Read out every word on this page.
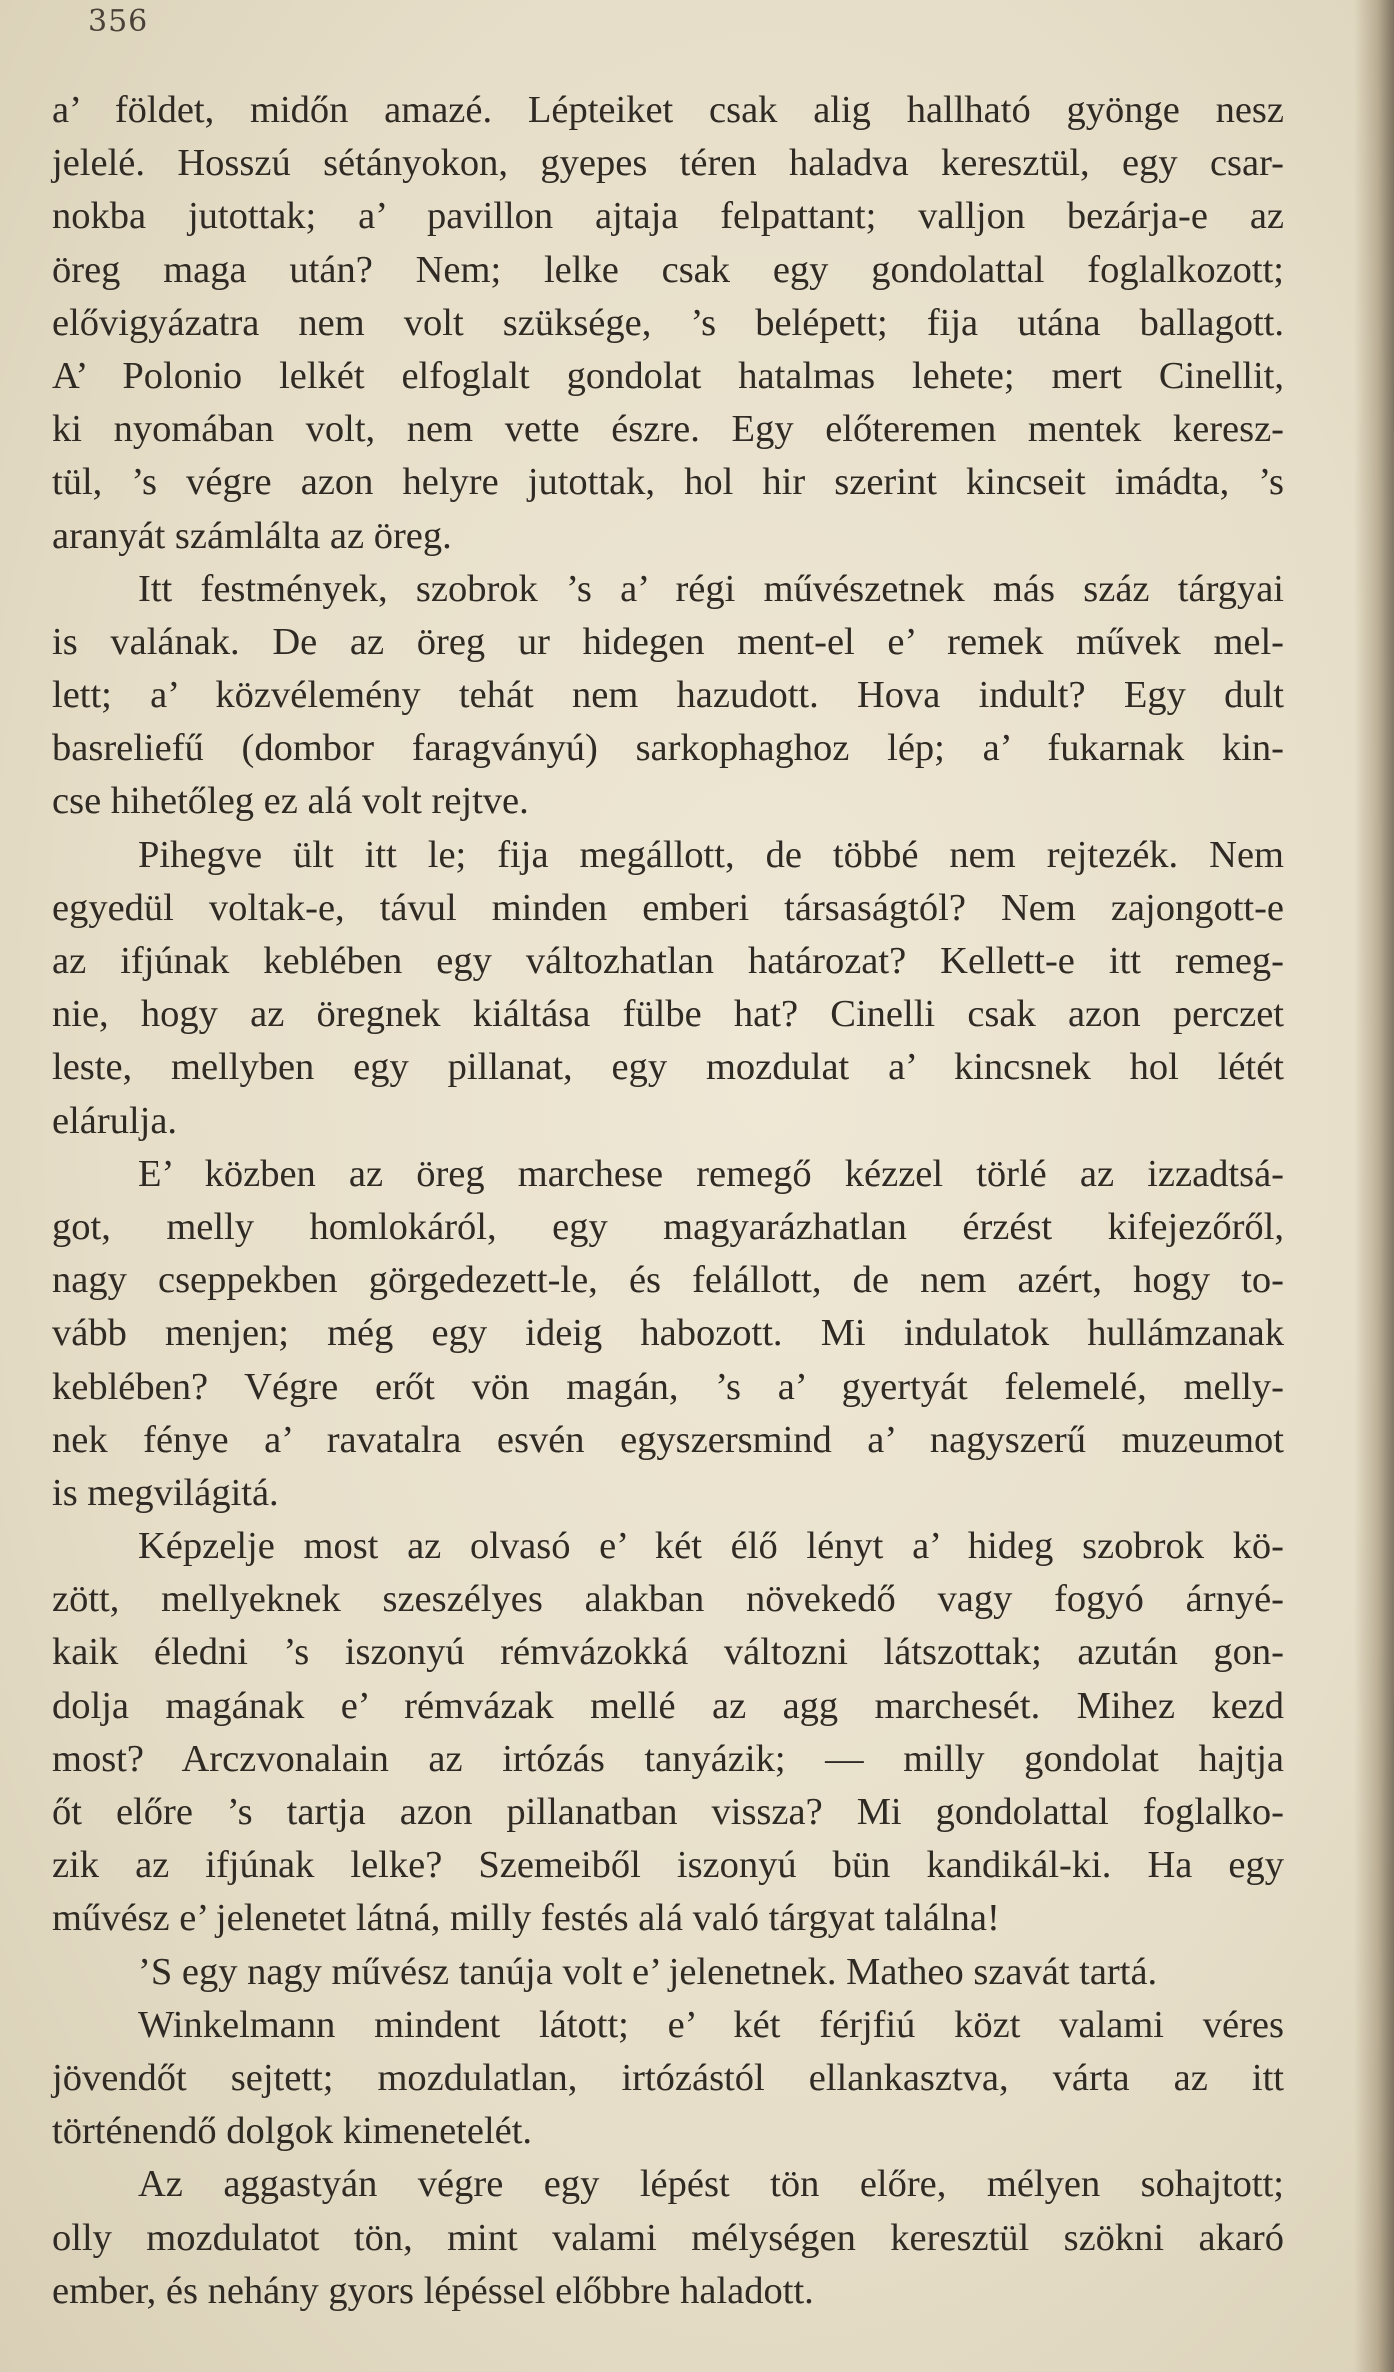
356
a’ földet, midőn amazé. Lépteiket csak alig hallható gyönge nesz
jelelé. Hosszú sétányokon, gyepes téren haladva keresztül, egy csar-
nokba jutottak; a’ pavillon ajtaja felpattant; valljon bezárja-e az
öreg maga után? Nem; lelke csak egy gondolattal foglalkozott;
elővigyázatra nem volt szüksége, ’s belépett; fija utána ballagott.
A’ Polonio lelkét elfoglalt gondolat hatalmas lehete; mert Cinellit,
ki nyomában volt, nem vette észre. Egy előteremen mentek keresz-
tül, ’s végre azon helyre jutottak, hol hir szerint kincseit imádta, ’s
aranyát számlálta az öreg.
Itt festmények, szobrok ’s a’ régi művészetnek más száz tárgyai
is valának. De az öreg ur hidegen ment-el e’ remek művek mel-
lett; a’ közvélemény tehát nem hazudott. Hova indult? Egy dult
basreliefű (dombor faragványú) sarkophaghoz lép; a’ fukarnak kin-
cse hihetőleg ez alá volt rejtve.
Pihegve ült itt le; fija megállott, de többé nem rejtezék. Nem
egyedül voltak-e, távul minden emberi társaságtól? Nem zajongott-e
az ifjúnak keblében egy változhatlan határozat? Kellett-e itt remeg-
nie, hogy az öregnek kiáltása fülbe hat? Cinelli csak azon perczet
leste, mellyben egy pillanat, egy mozdulat a’ kincsnek hol létét
elárulja.
E’ közben az öreg marchese remegő kézzel törlé az izzadtsá-
got, melly homlokáról, egy magyarázhatlan érzést kifejezőről,
nagy cseppekben görgedezett-le, és felállott, de nem azért, hogy to-
vább menjen; még egy ideig habozott. Mi indulatok hullámzanak
keblében? Végre erőt vön magán, ’s a’ gyertyát felemelé, melly-
nek fénye a’ ravatalra esvén egyszersmind a’ nagyszerű muzeumot
is megvilágitá.
Képzelje most az olvasó e’ két élő lényt a’ hideg szobrok kö-
zött, mellyeknek szeszélyes alakban növekedő vagy fogyó árnyé-
kaik éledni ’s iszonyú rémvázokká változni látszottak; azután gon-
dolja magának e’ rémvázak mellé az agg marchesét. Mihez kezd
most? Arczvonalain az irtózás tanyázik; — milly gondolat hajtja
őt előre ’s tartja azon pillanatban vissza? Mi gondolattal foglalko-
zik az ifjúnak lelke? Szemeiből iszonyú bün kandikál-ki. Ha egy
művész e’ jelenetet látná, milly festés alá való tárgyat találna!
’S egy nagy művész tanúja volt e’ jelenetnek. Matheo szavát tartá.
Winkelmann mindent látott; e’ két férjfiú közt valami véres
jövendőt sejtett; mozdulatlan, irtózástól ellankasztva, várta az itt
történendő dolgok kimenetelét.
Az aggastyán végre egy lépést tön előre, mélyen sohajtott;
olly mozdulatot tön, mint valami mélységen keresztül szökni akaró
ember, és nehány gyors lépéssel előbbre haladott.
